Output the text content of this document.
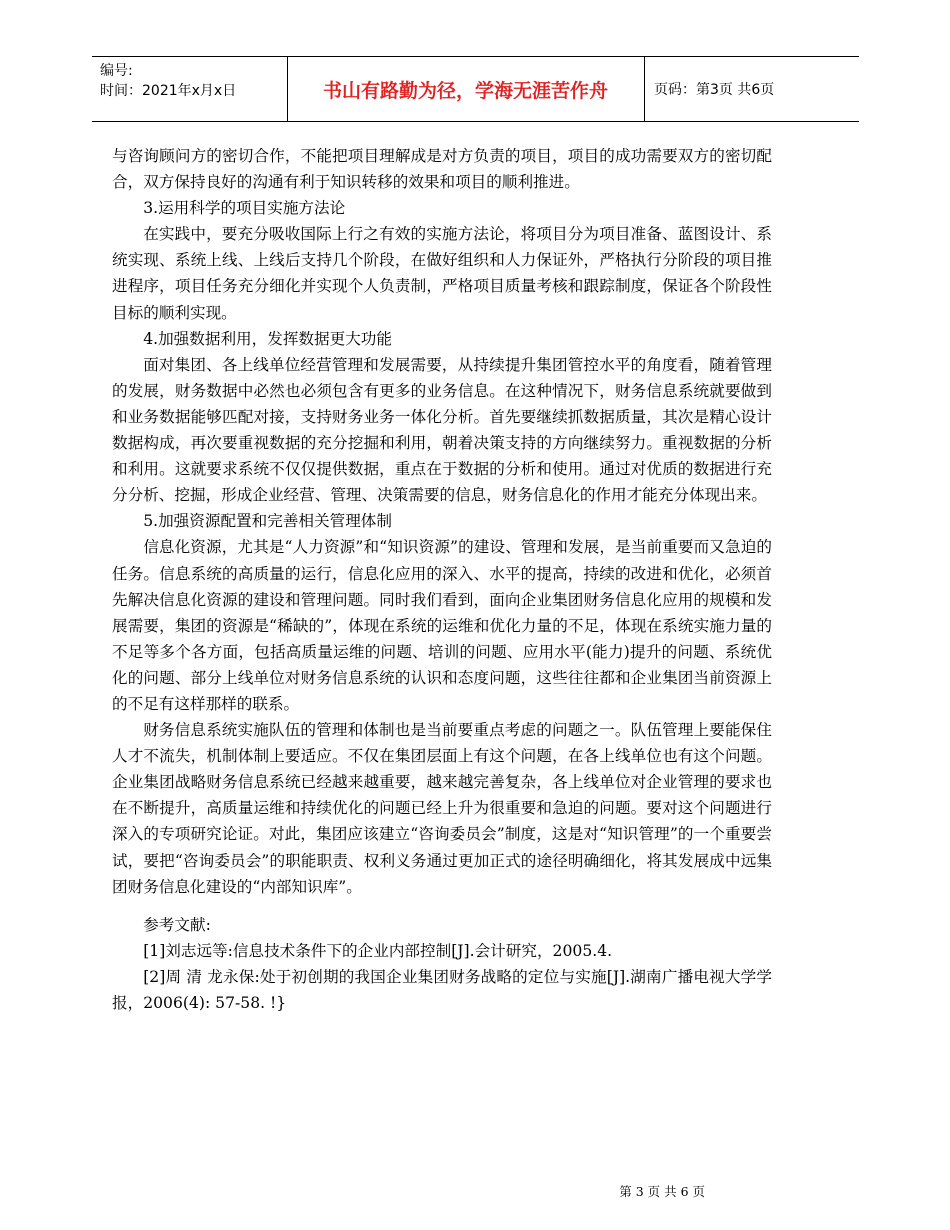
编号:
时间：2021年x月x日	书山有路勤为径，学海无涯苦作舟	页码：第3页 共6页

与咨询顾问方的密切合作，不能把项目理解成是对方负责的项目，项目的成功需要双方的密切配合，双方保持良好的沟通有利于知识转移的效果和项目的顺利推进。

3.运用科学的项目实施方法论

在实践中，要充分吸收国际上行之有效的实施方法论，将项目分为项目准备、蓝图设计、系统实现、系统上线、上线后支持几个阶段，在做好组织和人力保证外，严格执行分阶段的项目推进程序，项目任务充分细化并实现个人负责制，严格项目质量考核和跟踪制度，保证各个阶段性目标的顺利实现。

4.加强数据利用，发挥数据更大功能

面对集团、各上线单位经营管理和发展需要，从持续提升集团管控水平的角度看，随着管理的发展，财务数据中必然也必须包含有更多的业务信息。在这种情况下，财务信息系统就要做到和业务数据能够匹配对接，支持财务业务一体化分析。首先要继续抓数据质量，其次是精心设计数据构成，再次要重视数据的充分挖掘和利用，朝着决策支持的方向继续努力。重视数据的分析和利用。这就要求系统不仅仅提供数据，重点在于数据的分析和使用。通过对优质的数据进行充分分析、挖掘，形成企业经营、管理、决策需要的信息，财务信息化的作用才能充分体现出来。

5.加强资源配置和完善相关管理体制

信息化资源，尤其是“人力资源”和“知识资源”的建设、管理和发展，是当前重要而又急迫的任务。信息系统的高质量的运行，信息化应用的深入、水平的提高，持续的改进和优化，必须首先解决信息化资源的建设和管理问题。同时我们看到，面向企业集团财务信息化应用的规模和发展需要，集团的资源是“稀缺的”，体现在系统的运维和优化力量的不足，体现在系统实施力量的不足等多个各方面，包括高质量运维的问题、培训的问题、应用水平(能力)提升的问题、系统优化的问题、部分上线单位对财务信息系统的认识和态度问题，这些往往都和企业集团当前资源上的不足有这样那样的联系。

财务信息系统实施队伍的管理和体制也是当前要重点考虑的问题之一。队伍管理上要能保住人才不流失，机制体制上要适应。不仅在集团层面上有这个问题，在各上线单位也有这个问题。企业集团战略财务信息系统已经越来越重要，越来越完善复杂，各上线单位对企业管理的要求也在不断提升，高质量运维和持续优化的问题已经上升为很重要和急迫的问题。要对这个问题进行深入的专项研究论证。对此，集团应该建立“咨询委员会”制度，这是对“知识管理”的一个重要尝试，要把“咨询委员会”的职能职责、权利义务通过更加正式的途径明确细化，将其发展成中远集团财务信息化建设的“内部知识库”。

参考文献:

[1]刘志远等:信息技术条件下的企业内部控制[J].会计研究，2005.4.

[2]周 清 龙永保:处于初创期的我国企业集团财务战略的定位与实施[J].湖南广播电视大学学报，2006(4): 57-58. !}

第 3 页 共 6 页
